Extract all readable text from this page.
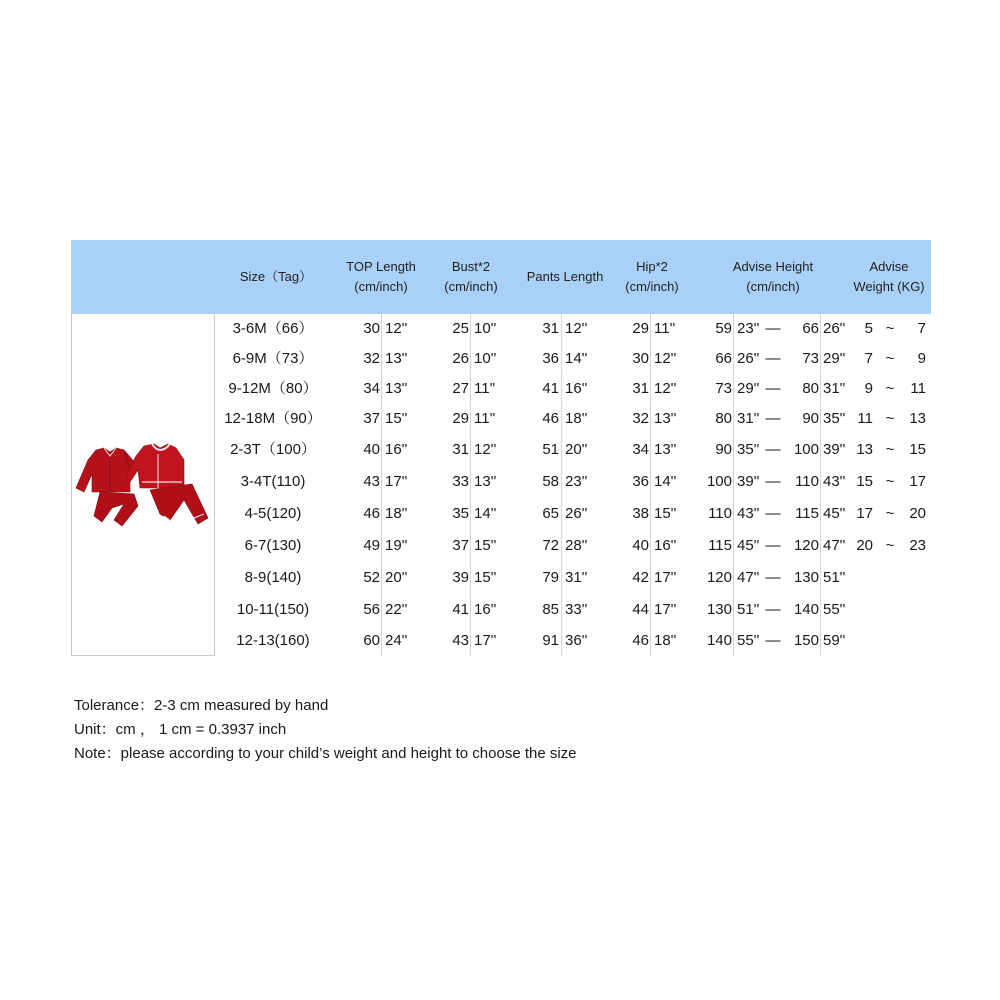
Size（Tag）
TOP Length
(cm/inch)
Bust*2
(cm/inch)
Pants Length
Hip*2
(cm/inch)
Advise Height
(cm/inch)
Advise
Weight (KG)
3-6M（66）	30 12''	25 10''	31 12''	29 11''	59 23'' —	66 26''	5 ~	7
6-9M（73）	32 13''	26 10''	36 14''	30 12''	66 26'' —	73 29''	7 ~	9
9-12M（80）	34 13''	27 11''	41 16''	31 12''	73 29'' —	80 31''	9 ~	11
12-18M（90）	37 15''	29 11''	46 18''	32 13''	80 31'' —	90 35'' 11 ~ 13
2-3T（100）	40 16''	31 12''	51 20''	34 13''	90 35'' — 100 39'' 13 ~ 15
3-4T(110)	43 17''	33 13''	58 23''	36 14''	100 39'' — 110 43'' 15 ~ 17
4-5(120)	46 18''	35 14''	65 26''	38 15''	110 43'' — 115 45'' 17 ~ 20
6-7(130)	49 19''	37 15''	72 28''	40 16''	115 45'' — 120 47'' 20 ~ 23
8-9(140)	52 20''	39 15''	79 31''	42 17''	120 47'' — 130 51''
10-11(150)	56 22''	41 16''	85 33''	44 17''	130 51'' — 140 55''
12-13(160)	60 24''	43 17''	91 36''	46 18''	140 55'' — 150 59''
Tolerance：2-3 cm measured by hand
Unit：cm ， 1 cm = 0.3937 inch
Note：please according to your child’s weight and height to choose the size
